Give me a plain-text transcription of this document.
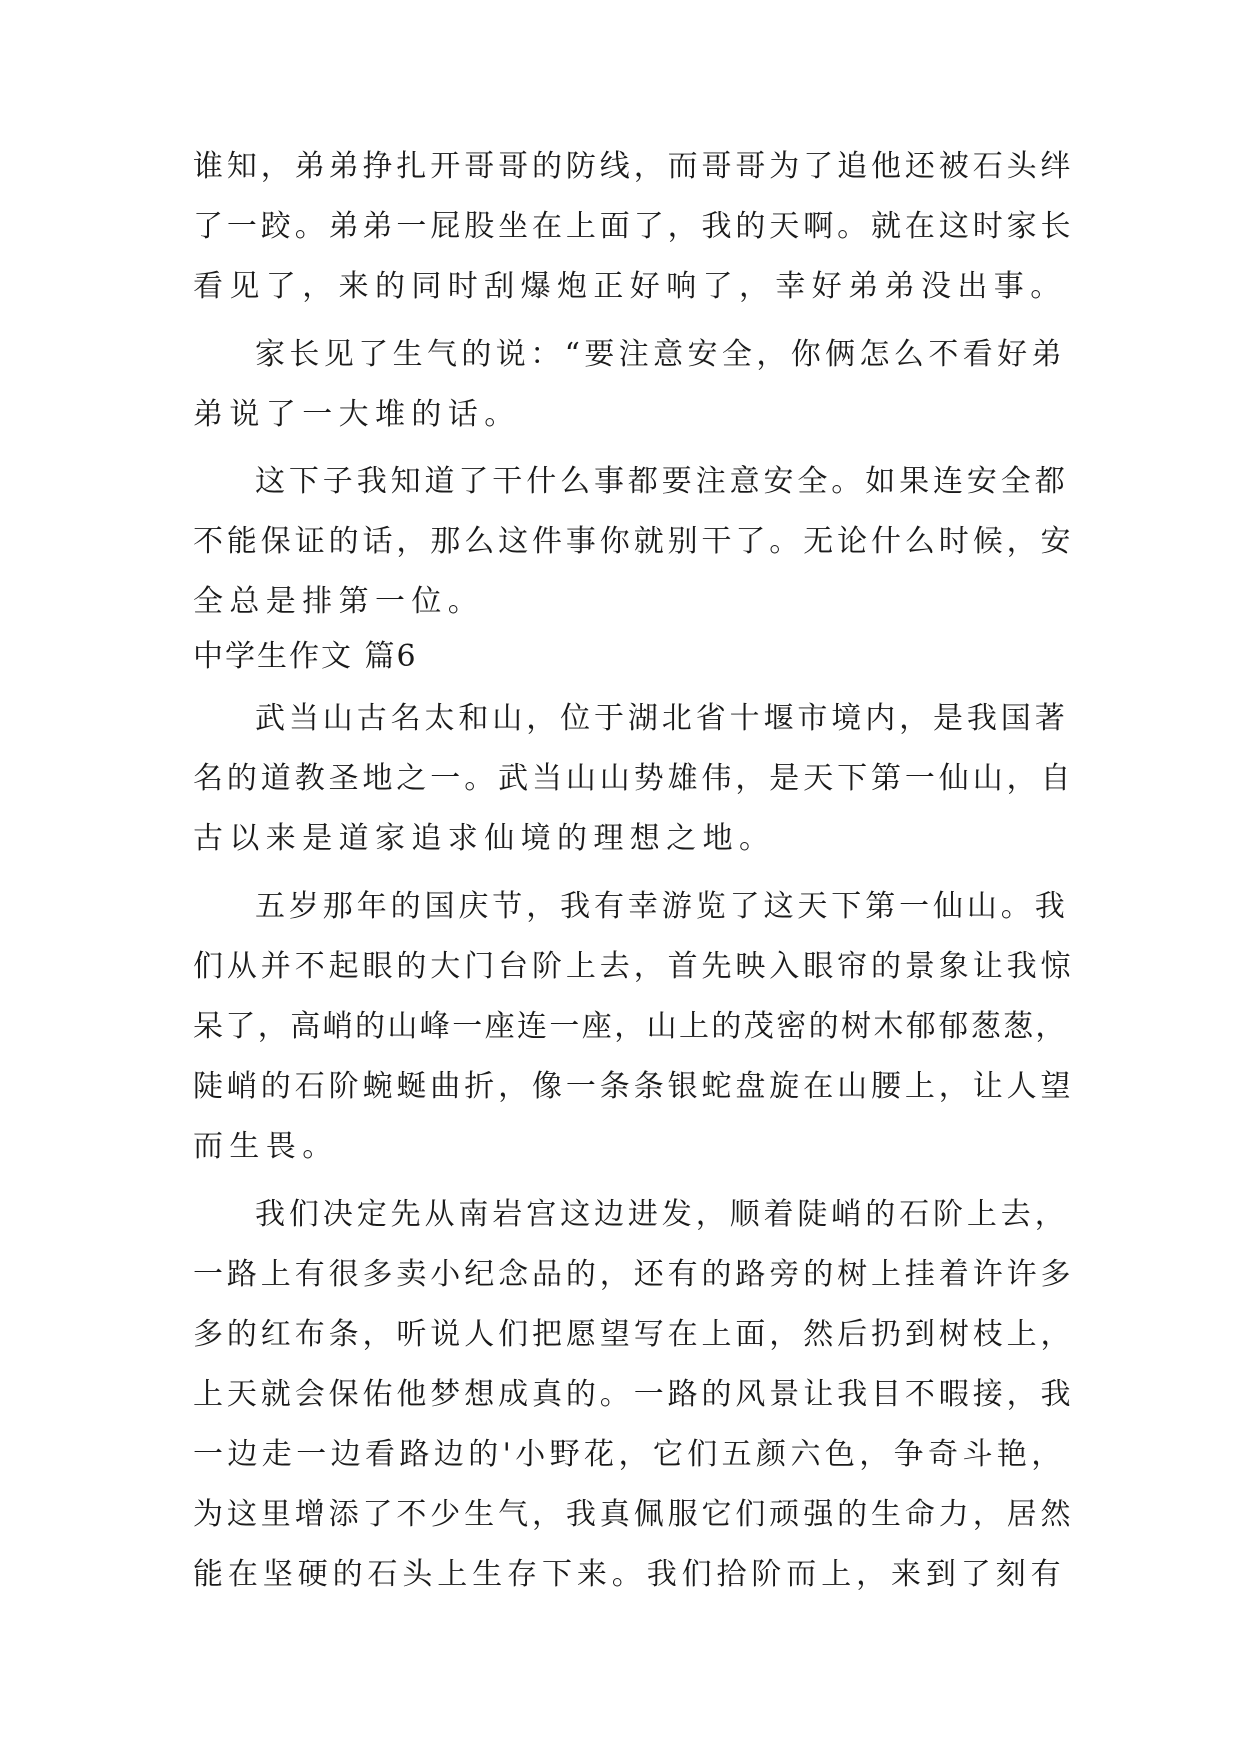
谁知，弟弟挣扎开哥哥的防线，而哥哥为了追他还被石头绊
了一跤。弟弟一屁股坐在上面了，我的天啊。就在这时家长
看见了，来的同时刮爆炮正好响了，幸好弟弟没出事。
家长见了生气的说：“要注意安全，你俩怎么不看好弟
弟说了一大堆的话。
这下子我知道了干什么事都要注意安全。如果连安全都
不能保证的话，那么这件事你就别干了。无论什么时候，安
全总是排第一位。
中学生作文 篇6
武当山古名太和山，位于湖北省十堰市境内，是我国著
名的道教圣地之一。武当山山势雄伟，是天下第一仙山，自
古以来是道家追求仙境的理想之地。
五岁那年的国庆节，我有幸游览了这天下第一仙山。我
们从并不起眼的大门台阶上去，首先映入眼帘的景象让我惊
呆了，高峭的山峰一座连一座，山上的茂密的树木郁郁葱葱，
陡峭的石阶蜿蜒曲折，像一条条银蛇盘旋在山腰上，让人望
而生畏。
我们决定先从南岩宫这边进发，顺着陡峭的石阶上去，
一路上有很多卖小纪念品的，还有的路旁的树上挂着许许多
多的红布条，听说人们把愿望写在上面，然后扔到树枝上，
上天就会保佑他梦想成真的。一路的风景让我目不暇接，我
一边走一边看路边的'小野花，它们五颜六色，争奇斗艳，
为这里增添了不少生气，我真佩服它们顽强的生命力，居然
能在坚硬的石头上生存下来。我们拾阶而上，来到了刻有
